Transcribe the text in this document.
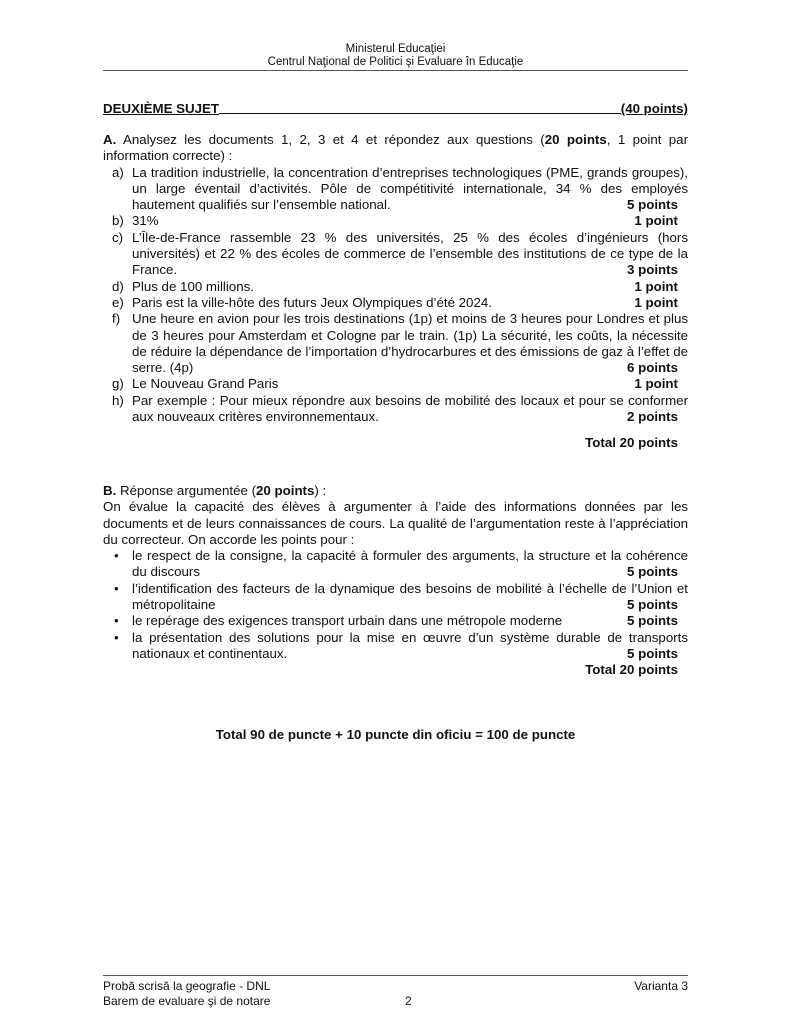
Ministerul Educaţiei
Centrul Naţional de Politici şi Evaluare în Educaţie
DEUXIÈME SUJET	(40 points)
A. Analysez les documents 1, 2, 3 et 4 et répondez aux questions (20 points, 1 point par information correcte) :
a) La tradition industrielle, la concentration d’entreprises technologiques (PME, grands groupes), un large éventail d’activités. Pôle de compétitivité internationale, 34 % des employés hautement qualifiés sur l’ensemble national.	5 points
b) 31%	1 point
c) L’Île-de-France rassemble 23 % des universités, 25 % des écoles d’ingénieurs (hors universités) et 22 % des écoles de commerce de l’ensemble des institutions de ce type de la France.	3 points
d) Plus de 100 millions.	1 point
e) Paris est la ville-hôte des futurs Jeux Olympiques d’été 2024.	1 point
f) Une heure en avion pour les trois destinations (1p) et moins de 3 heures pour Londres et plus de 3 heures pour Amsterdam et Cologne par le train. (1p) La sécurité, les coûts, la nécessite de réduire la dépendance de l’importation d’hydrocarbures et des émissions de gaz à l’effet de serre. (4p)	6 points
g) Le Nouveau Grand Paris	1 point
h) Par exemple : Pour mieux répondre aux besoins de mobilité des locaux et pour se conformer aux nouveaux critères environnementaux.	2 points
Total 20 points
B. Réponse argumentée (20 points) :
On évalue la capacité des élèves à argumenter à l’aide des informations données par les documents et de leurs connaissances de cours. La qualité de l’argumentation reste à l’appréciation du correcteur. On accorde les points pour :
• le respect de la consigne, la capacité à formuler des arguments, la structure et la cohérence du discours	5 points
• l’identification des facteurs de la dynamique des besoins de mobilité à l’échelle de l’Union et métropolitaine	5 points
• le repérage des exigences transport urbain dans une métropole moderne	5 points
• la présentation des solutions pour la mise en œuvre d’un système durable de transports nationaux et continentaux.	5 points
Total 20 points
Total 90 de puncte + 10 puncte din oficiu = 100 de puncte
Probă scrisă la geografie - DNL
Barem de evaluare şi de notare	2
Varianta 3
